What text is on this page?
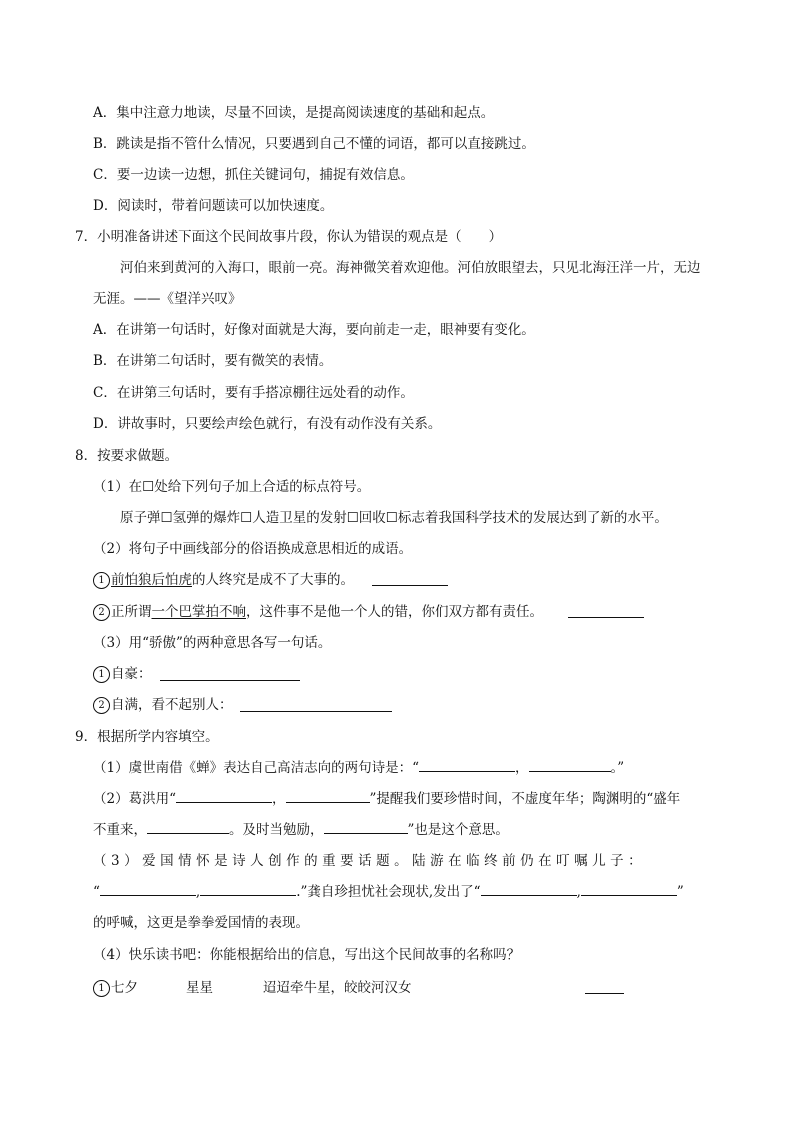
A．集中注意力地读，尽量不回读，是提高阅读速度的基础和起点。
B．跳读是指不管什么情况，只要遇到自己不懂的词语，都可以直接跳过。
C．要一边读一边想，抓住关键词句，捕捉有效信息。
D．阅读时，带着问题读可以加快速度。
7．小明准备讲述下面这个民间故事片段，你认为错误的观点是（　　）
河伯来到黄河的入海口，眼前一亮。海神微笑着欢迎他。河伯放眼望去，只见北海汪洋一片，无边
无涯。——《望洋兴叹》
A．在讲第一句话时，好像对面就是大海，要向前走一走，眼神要有变化。
B．在讲第二句话时，要有微笑的表情。
C．在讲第三句话时，要有手搭凉棚往远处看的动作。
D．讲故事时，只要绘声绘色就行，有没有动作没有关系。
8．按要求做题。
（1）在☐处给下列句子加上合适的标点符号。
原子弹☐氢弹的爆炸☐人造卫星的发射☐回收☐标志着我国科学技术的发展达到了新的水平。
（2）将句子中画线部分的俗语换成意思相近的成语。
1 前怕狼后怕虎的人终究是成不了大事的。
2 正所谓一个巴掌拍不响，这件事不是他一个人的错，你们双方都有责任。
（3）用“骄傲”的两种意思各写一句话。
1 自豪：
2 自满，看不起别人：
9．根据所学内容填空。
（1）虞世南借《蝉》表达自己高洁志向的两句诗是：“	，	。”
（2）葛洪用“	，	”提醒我们要珍惜时间，不虚度年华；陶渊明的“盛年
不重来，	。及时当勉励，	”也是这个意思。
（3）爱国情怀是诗人创作的重要话题。陆游在临终前仍在叮嘱儿子：
“	,	.”龚自珍担忧社会现状,发出了“	,	”
的呼喊，这更是拳拳爱国情的表现。
（4）快乐读书吧：你能根据给出的信息，写出这个民间故事的名称吗？
1 七夕	星星	迢迢牵牛星，皎皎河汉女
